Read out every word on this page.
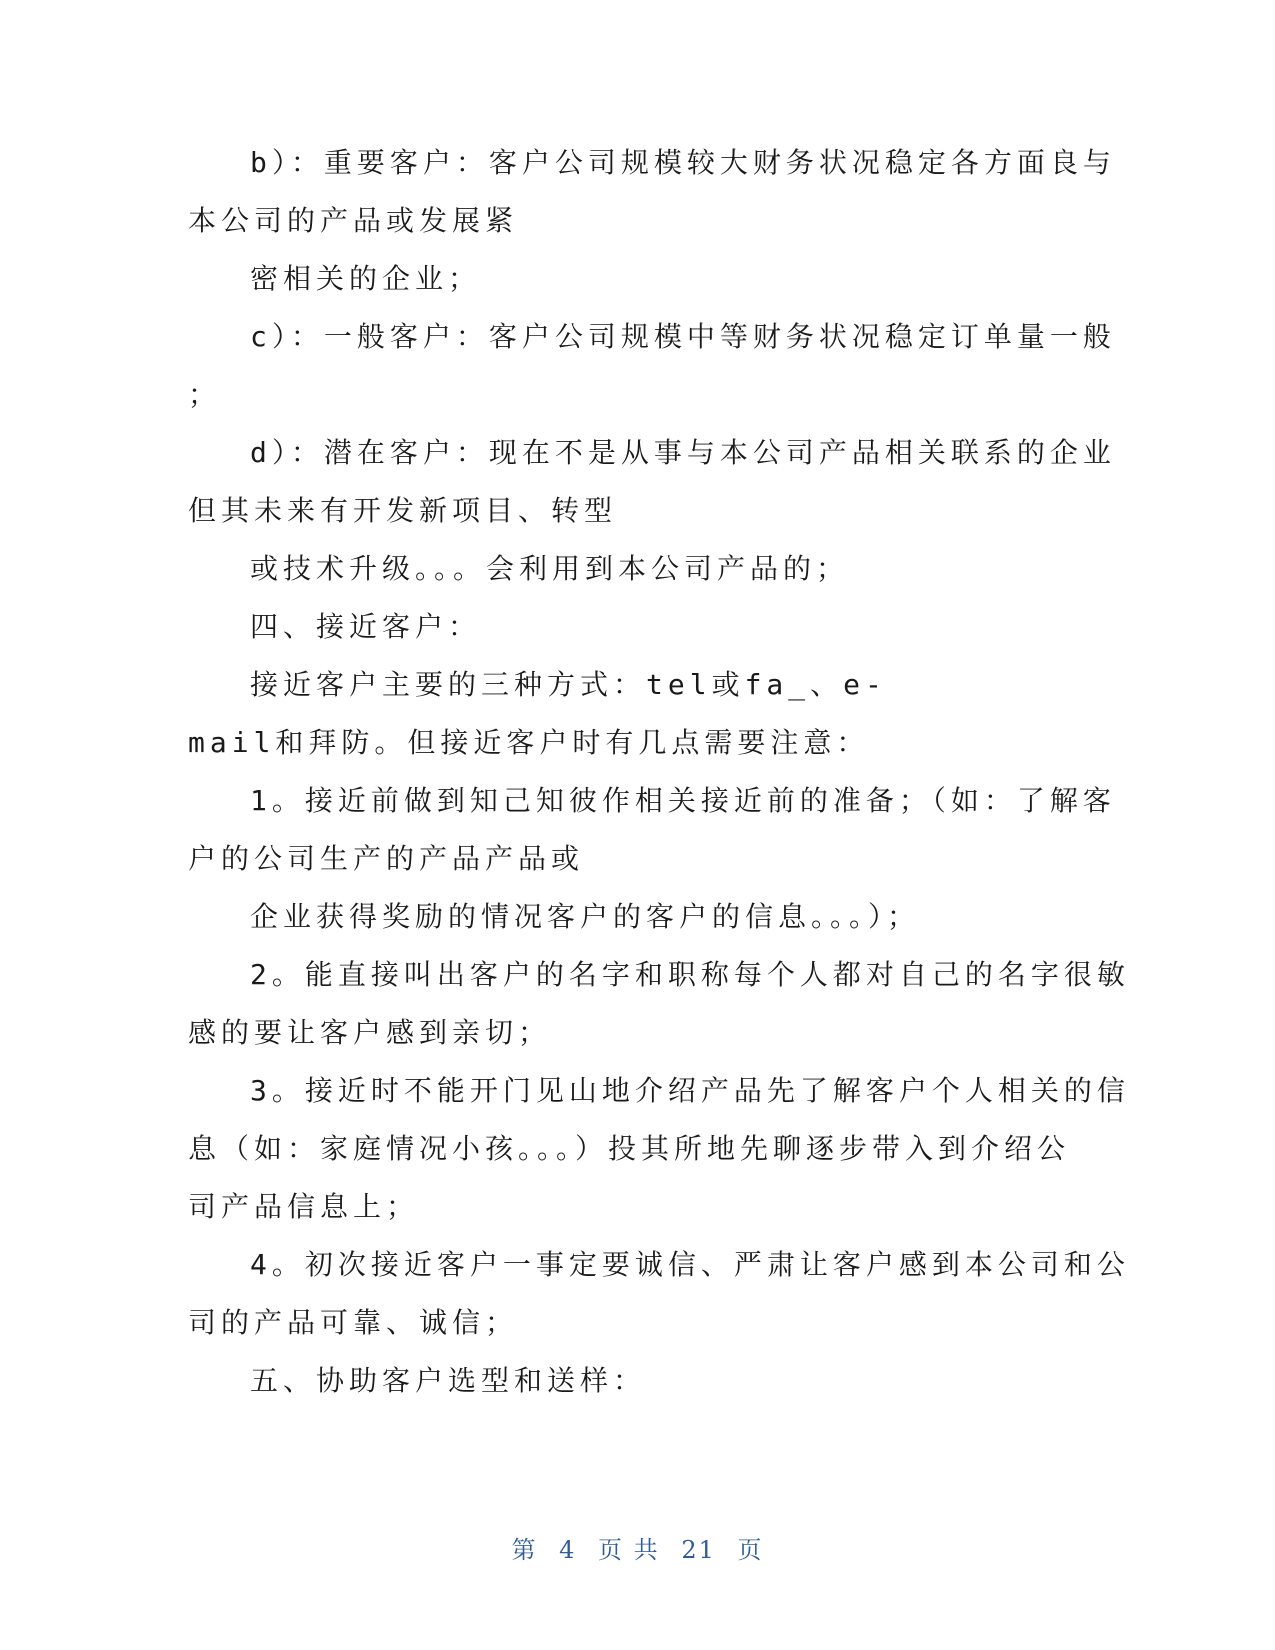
b）：重要客户：客户公司规模较大财务状况稳定各方面良与
本公司的产品或发展紧
密相关的企业；
c）：一般客户：客户公司规模中等财务状况稳定订单量一般
；
d）：潜在客户：现在不是从事与本公司产品相关联系的企业
但其未来有开发新项目、转型
或技术升级。。。会利用到本公司产品的；
四、接近客户：
接近客户主要的三种方式：tel或fa_、e-
mail和拜防。但接近客户时有几点需要注意：
1。接近前做到知己知彼作相关接近前的准备；（如：了解客
户的公司生产的产品产品或
企业获得奖励的情况客户的客户的信息。。。）；
2。能直接叫出客户的名字和职称每个人都对自己的名字很敏
感的要让客户感到亲切；
3。接近时不能开门见山地介绍产品先了解客户个人相关的信
息（如：家庭情况小孩。。。）投其所地先聊逐步带入到介绍公
司产品信息上；
4。初次接近客户一事定要诚信、严肃让客户感到本公司和公
司的产品可靠、诚信；
五、协助客户选型和送样：
第 4 页 共 21 页
